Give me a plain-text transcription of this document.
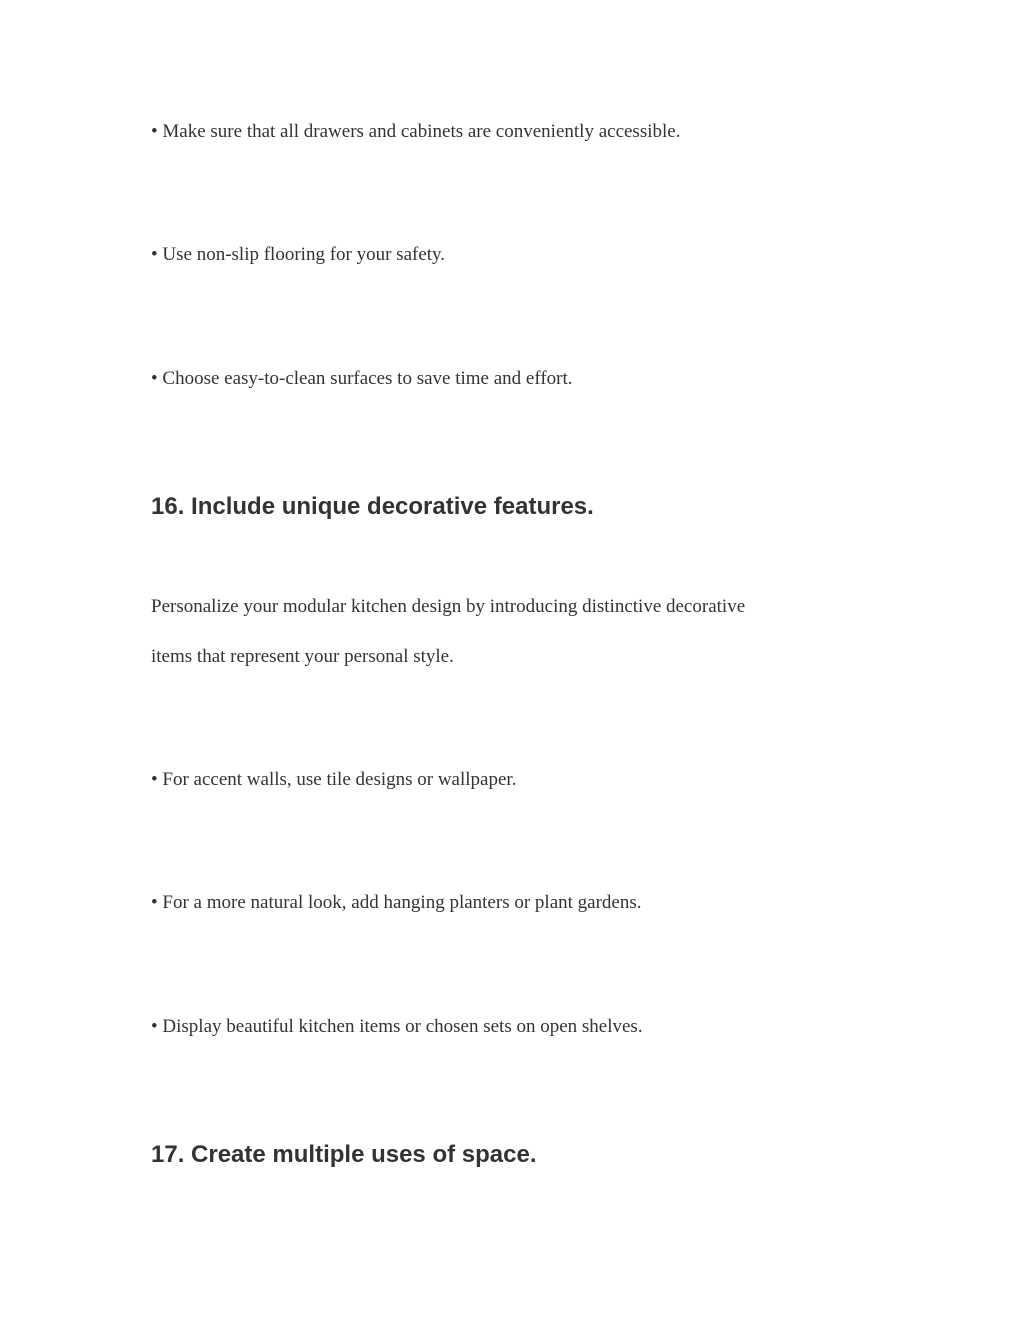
• Make sure that all drawers and cabinets are conveniently accessible.
• Use non-slip flooring for your safety.
• Choose easy-to-clean surfaces to save time and effort.
16. Include unique decorative features.
Personalize your modular kitchen design by introducing distinctive decorative
items that represent your personal style.
• For accent walls, use tile designs or wallpaper.
• For a more natural look, add hanging planters or plant gardens.
• Display beautiful kitchen items or chosen sets on open shelves.
17. Create multiple uses of space.
